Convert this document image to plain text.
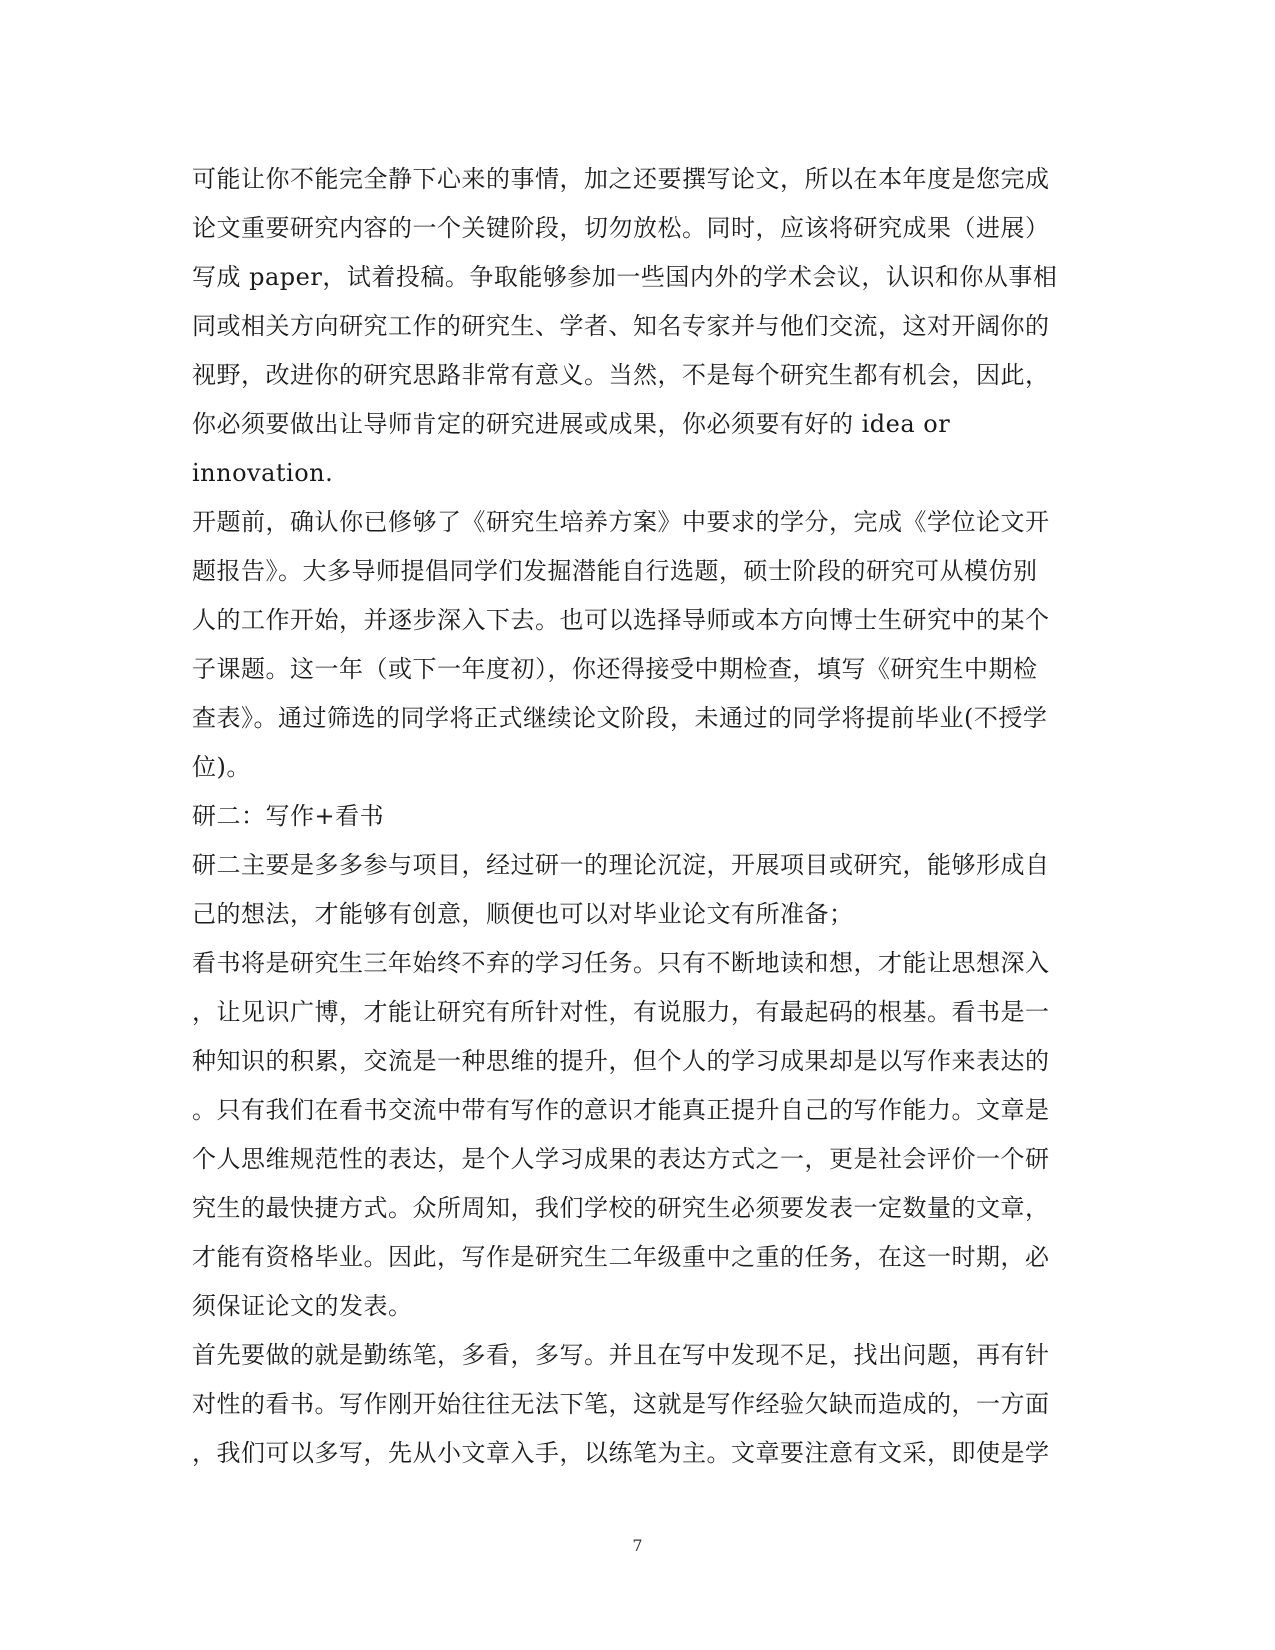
可能让你不能完全静下心来的事情，加之还要撰写论文，所以在本年度是您完成
论文重要研究内容的一个关键阶段，切勿放松。同时，应该将研究成果（进展）
写成 paper，试着投稿。争取能够参加一些国内外的学术会议，认识和你从事相
同或相关方向研究工作的研究生、学者、知名专家并与他们交流，这对开阔你的
视野，改进你的研究思路非常有意义。当然，不是每个研究生都有机会，因此，
你必须要做出让导师肯定的研究进展或成果，你必须要有好的 idea or
innovation.
开题前，确认你已修够了《研究生培养方案》中要求的学分，完成《学位论文开
题报告》。大多导师提倡同学们发掘潜能自行选题，硕士阶段的研究可从模仿别
人的工作开始，并逐步深入下去。也可以选择导师或本方向博士生研究中的某个
子课题。这一年（或下一年度初），你还得接受中期检查，填写《研究生中期检
查表》。通过筛选的同学将正式继续论文阶段，未通过的同学将提前毕业(不授学
位)。
研二：写作+看书
研二主要是多多参与项目，经过研一的理论沉淀，开展项目或研究，能够形成自
己的想法，才能够有创意，顺便也可以对毕业论文有所准备；
看书将是研究生三年始终不弃的学习任务。只有不断地读和想，才能让思想深入
，让见识广博，才能让研究有所针对性，有说服力，有最起码的根基。看书是一
种知识的积累，交流是一种思维的提升，但个人的学习成果却是以写作来表达的
。只有我们在看书交流中带有写作的意识才能真正提升自己的写作能力。文章是
个人思维规范性的表达，是个人学习成果的表达方式之一，更是社会评价一个研
究生的最快捷方式。众所周知，我们学校的研究生必须要发表一定数量的文章，
才能有资格毕业。因此，写作是研究生二年级重中之重的任务，在这一时期，必
须保证论文的发表。
首先要做的就是勤练笔，多看，多写。并且在写中发现不足，找出问题，再有针
对性的看书。写作刚开始往往无法下笔，这就是写作经验欠缺而造成的，一方面
，我们可以多写，先从小文章入手，以练笔为主。文章要注意有文采，即使是学
7
